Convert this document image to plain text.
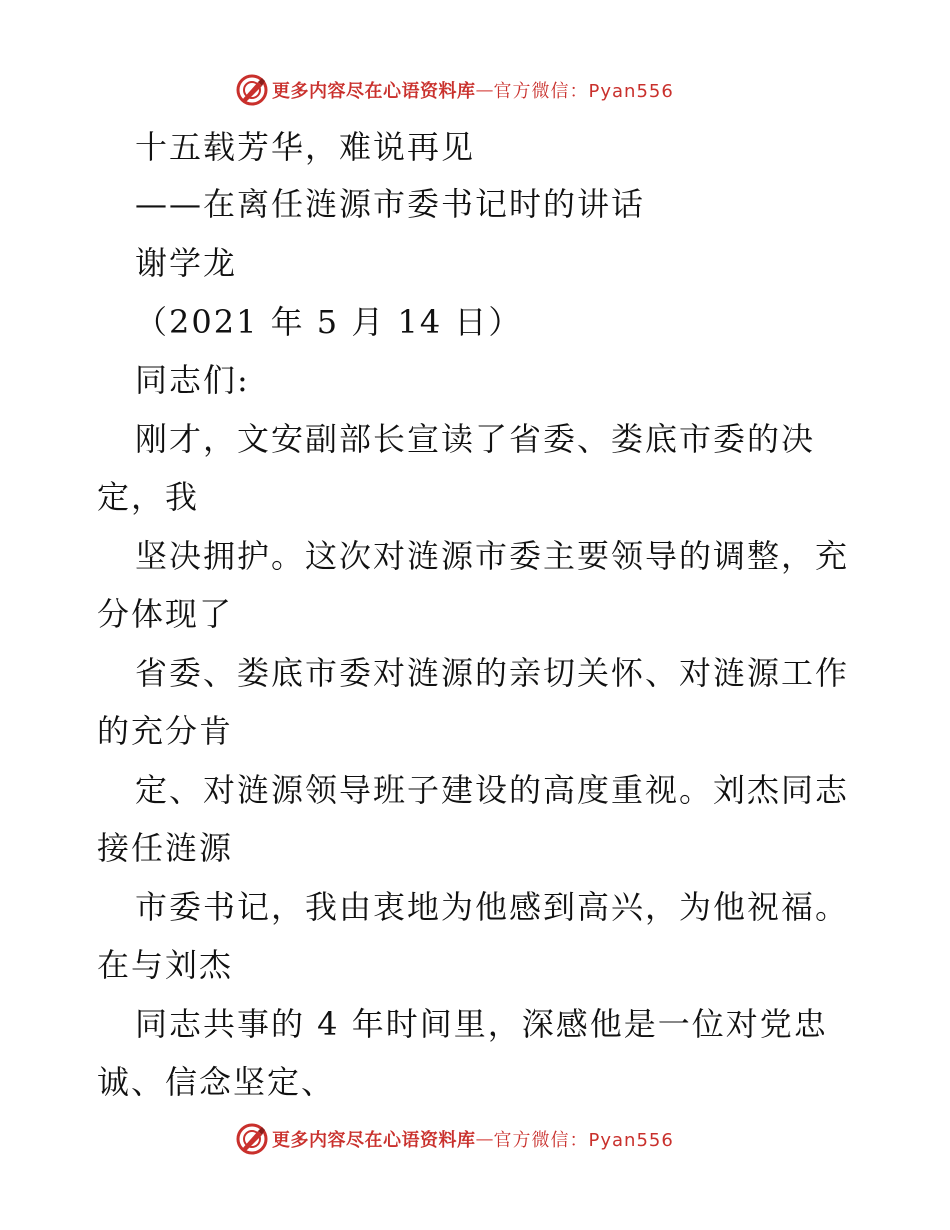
更多内容尽在心语资料库 — 官方微信：Pyan556
十五载芳华，难说再见
——在离任涟源市委书记时的讲话
谢学龙
（2021 年 5 月 14 日）
同志们:
刚才，文安副部长宣读了省委、娄底市委的决
定，我
坚决拥护。这次对涟源市委主要领导的调整，充
分体现了
省委、娄底市委对涟源的亲切关怀、对涟源工作
的充分肯
定、对涟源领导班子建设的高度重视。刘杰同志
接任涟源
市委书记，我由衷地为他感到高兴，为他祝福。
在与刘杰
同志共事的 4 年时间里，深感他是一位对党忠
诚、信念坚定、
更多内容尽在心语资料库 — 官方微信：Pyan556
